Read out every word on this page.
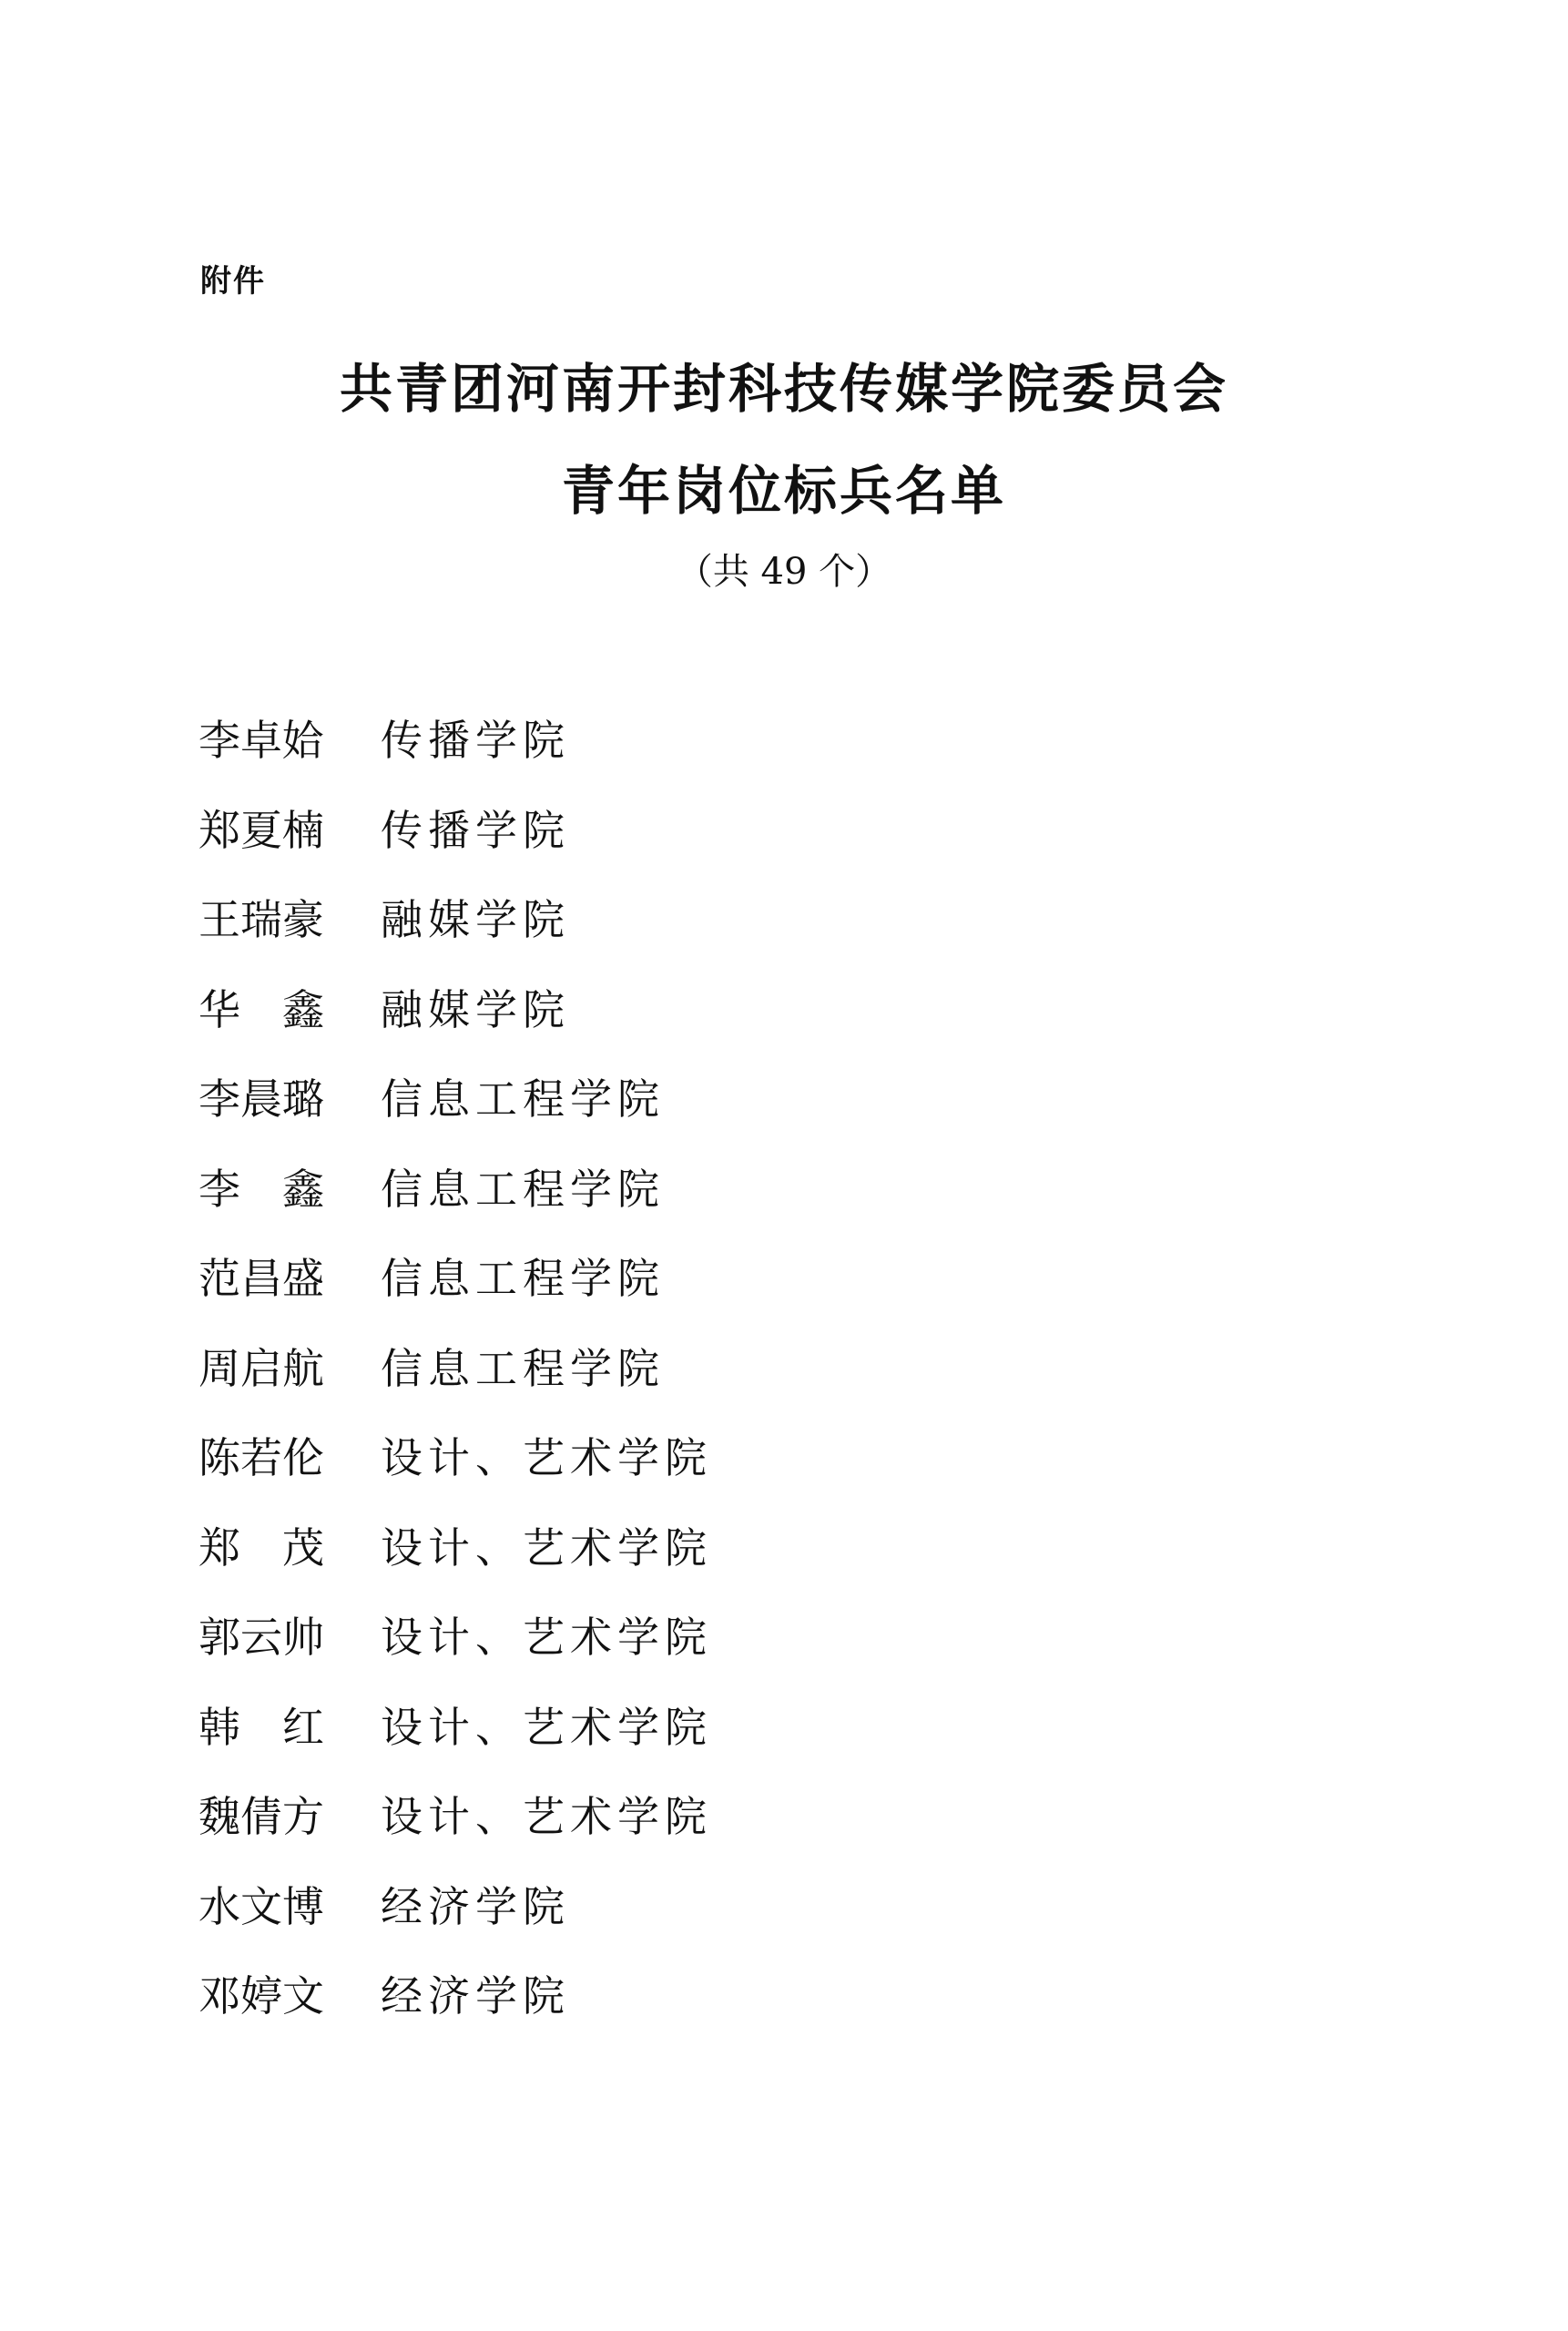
附件
共青团河南开封科技传媒学院委员会
青年岗位标兵名单
（共 49 个）
李卓姶	传播学院
郑夏楠	传播学院
王瑞豪	融媒学院
华　鑫	融媒学院
李晨璐	信息工程学院
李　鑫	信息工程学院
范昌盛	信息工程学院
周启航	信息工程学院
陈若伦	设计、艺术学院
郑　茂	设计、艺术学院
郭云帅	设计、艺术学院
韩　红	设计、艺术学院
魏倩方	设计、艺术学院
水文博	经济学院
邓婷文	经济学院
